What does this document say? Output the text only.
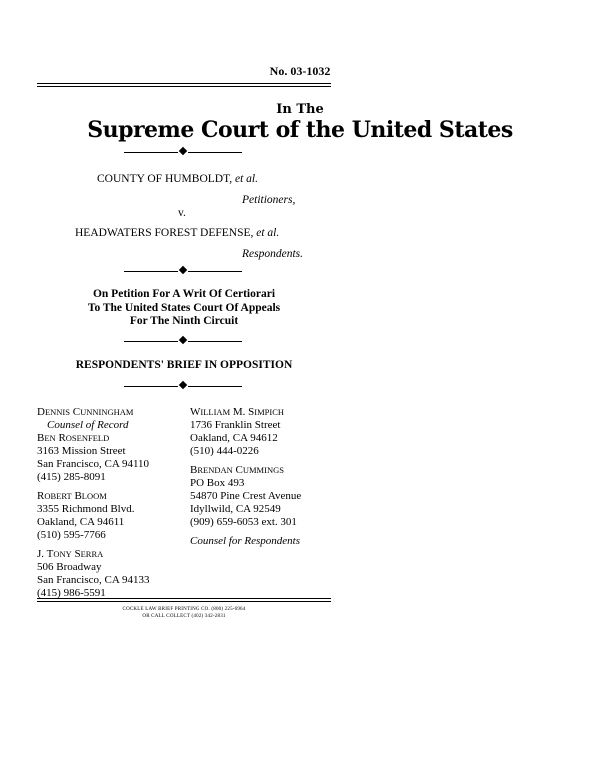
No. 03-1032
In The
Supreme Court of the United States
COUNTY OF HUMBOLDT, et al.
Petitioners,
v.
HEADWATERS FOREST DEFENSE, et al.
Respondents.
On Petition For A Writ Of Certiorari
To The United States Court Of Appeals
For The Ninth Circuit
RESPONDENTS' BRIEF IN OPPOSITION
DENNIS CUNNINGHAM
Counsel of Record
BEN ROSENFELD
3163 Mission Street
San Francisco, CA 94110
(415) 285-8091
ROBERT BLOOM
3355 Richmond Blvd.
Oakland, CA 94611
(510) 595-7766
J. TONY SERRA
506 Broadway
San Francisco, CA 94133
(415) 986-5591
WILLIAM M. SIMPICH
1736 Franklin Street
Oakland, CA 94612
(510) 444-0226
BRENDAN CUMMINGS
PO Box 493
54870 Pine Crest Avenue
Idyllwild, CA 92549
(909) 659-6053 ext. 301
Counsel for Respondents
COCKLE LAW BRIEF PRINTING CO. (800) 225-6964
OR CALL COLLECT (402) 342-2831
